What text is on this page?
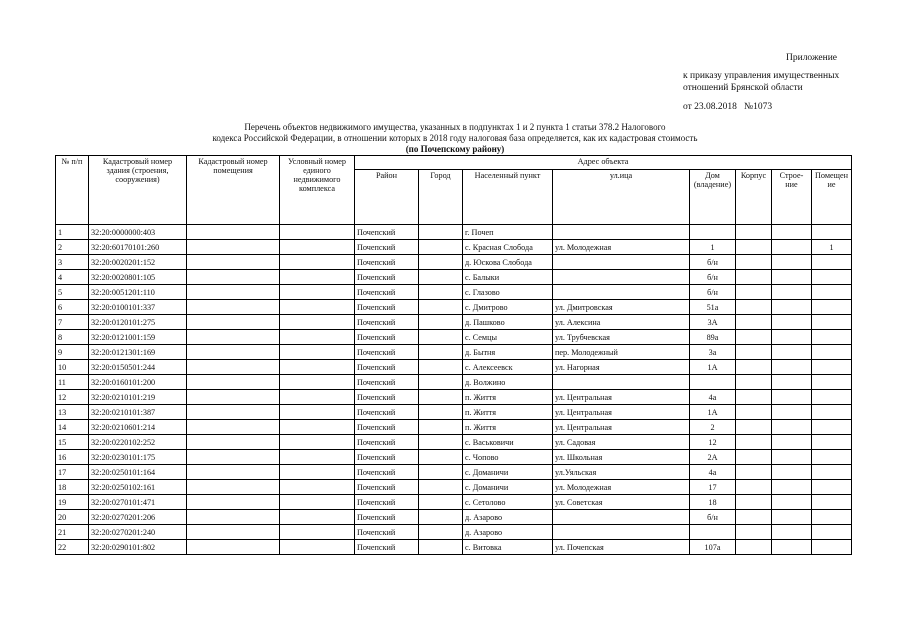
Приложение
к приказу управления имущественных
отношений Брянской области
от 23.08.2018   №1073
Перечень объектов недвижимого имущества, указанных в подпунктах 1 и 2 пункта 1 статьи 378.2 Налогового
кодекса Российской Федерации, в отношении которых в 2018 году налоговая база определяется, как их кадастровая стоимость
(по Почепскому району)
№ п/п	Кадастровый номер здания (строения, сооружения)	Кадастровый номер помещения	Условный номер единого недвижимого комплекса	Адрес объекта							
				Район	Город	Населенный пункт	ул.ица	Дом (владение)	Корпус	Строе-ние	Помещен ие
1	32:20:0000000:403			Почепский		г. Почеп					
2	32:20:60170101:260			Почепский		с. Красная Слобода	ул. Молодежная	1			1
3	32:20:0020201:152			Почепский		д. Юскова Слобода		б/н			
4	32:20:0020801:105			Почепский		с. Балыки		б/н			
5	32:20:0051201:110			Почепский		с. Глазово		б/н			
6	32:20:0100101:337			Почепский		с. Дмитрово	ул. Дмитровская	51а			
7	32:20:0120101:275			Почепский		д. Пашково	ул. Алексина	3А			
8	32:20:0121001:159			Почепский		с. Семцы	ул. Трубчевская	89а			
9	32:20:0121301:169			Почепский		д. Бытня	пер. Молодежный	3а			
10	32:20:0150501:244			Почепский		с. Алексеевск	ул. Нагорная	1А			
11	32:20:0160101:200			Почепский		д. Волжино					
12	32:20:0210101:219			Почепский		п. Життя	ул. Центральная	4а			
13	32:20:0210101:387			Почепский		п. Життя	ул. Центральная	1А			
14	32:20:0210601:214			Почепский		п. Життя	ул. Центральная	2			
15	32:20:0220102:252			Почепский		с. Васьковичи	ул. Садовая	12			
16	32:20:0230101:175			Почепский		с. Чопово	ул. Школьная	2А			
17	32:20:0250101:164			Почепский		с. Доманичи	ул.Уяльская	4а			
18	32:20:0250102:161			Почепский		с. Доманичи	ул. Молодежная	17			
19	32:20:0270101:471			Почепский		с. Сетолово	ул. Советская	18			
20	32:20:0270201:206			Почепский		д. Азарово		б/н			
21	32:20:0270201:240			Почепский		д. Азарово					
22	32:20:0290101:802			Почепский		с. Витовка	ул. Почепская	107а			
